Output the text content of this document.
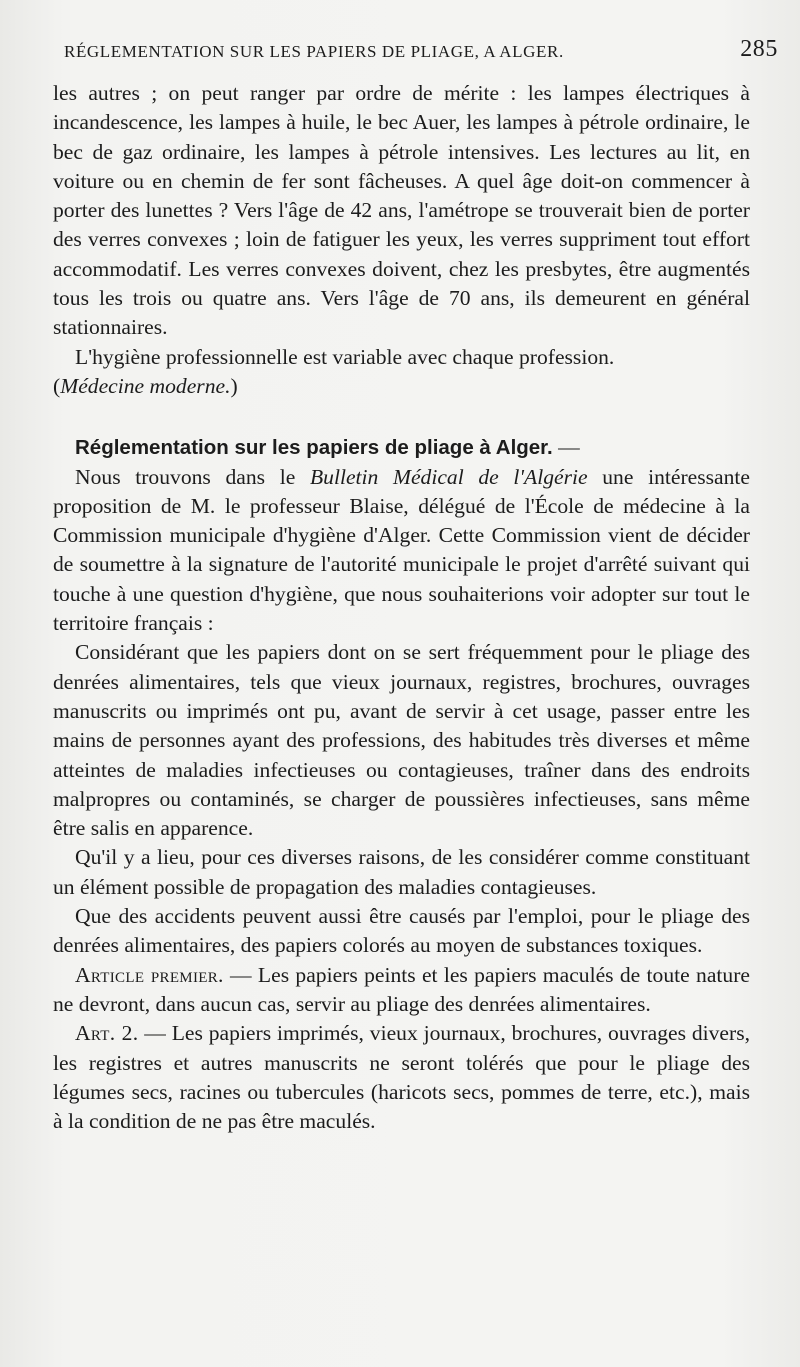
RÉGLEMENTATION SUR LES PAPIERS DE PLIAGE, A ALGER.	285

les autres ; on peut ranger par ordre de mérite : les lampes électriques à incandescence, les lampes à huile, le bec Auer, les lampes à pétrole ordinaire, le bec de gaz ordinaire, les lampes à pétrole intensives. Les lectures au lit, en voiture ou en chemin de fer sont fâcheuses. A quel âge doit-on commencer à porter des lunettes ? Vers l'âge de 42 ans, l'amétrope se trouverait bien de porter des verres convexes ; loin de fatiguer les yeux, les verres suppriment tout effort accommodatif. Les verres convexes doivent, chez les presbytes, être augmentés tous les trois ou quatre ans. Vers l'âge de 70 ans, ils demeurent en général stationnaires.

L'hygiène professionnelle est variable avec chaque profession.
(Médecine moderne.)

Réglementation sur les papiers de pliage à Alger. —

Nous trouvons dans le Bulletin Médical de l'Algérie une intéressante proposition de M. le professeur Blaise, délégué de l'École de médecine à la Commission municipale d'hygiène d'Alger. Cette Commission vient de décider de soumettre à la signature de l'autorité municipale le projet d'arrêté suivant qui touche à une question d'hygiène, que nous souhaiterions voir adopter sur tout le territoire français :

Considérant que les papiers dont on se sert fréquemment pour le pliage des denrées alimentaires, tels que vieux journaux, registres, brochures, ouvrages manuscrits ou imprimés ont pu, avant de servir à cet usage, passer entre les mains de personnes ayant des professions, des habitudes très diverses et même atteintes de maladies infectieuses ou contagieuses, traîner dans des endroits malpropres ou contaminés, se charger de poussières infectieuses, sans même être salis en apparence.

Qu'il y a lieu, pour ces diverses raisons, de les considérer comme constituant un élément possible de propagation des maladies contagieuses.

Que des accidents peuvent aussi être causés par l'emploi, pour le pliage des denrées alimentaires, des papiers colorés au moyen de substances toxiques.

Article premier. — Les papiers peints et les papiers maculés de toute nature ne devront, dans aucun cas, servir au pliage des denrées alimentaires.

Art. 2. — Les papiers imprimés, vieux journaux, brochures, ouvrages divers, les registres et autres manuscrits ne seront tolérés que pour le pliage des légumes secs, racines ou tubercules (haricots secs, pommes de terre, etc.), mais à la condition de ne pas être maculés.
